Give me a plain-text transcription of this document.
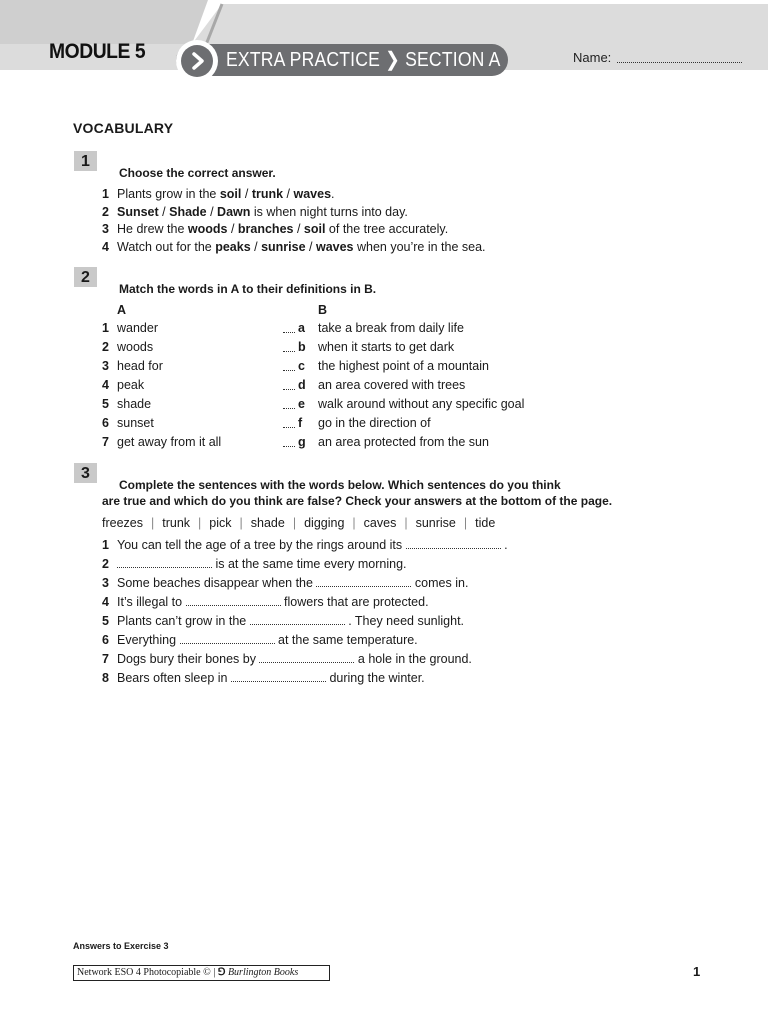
MODULE 5	EXTRA PRACTICE ❯ SECTION A	Name:
VOCABULARY
1
Choose the correct answer.
1 Plants grow in the soil / trunk / waves.
2 Sunset / Shade / Dawn is when night turns into day.
3 He drew the woods / branches / soil of the tree accurately.
4 Watch out for the peaks / sunrise / waves when you’re in the sea.
2
Match the words in A to their definitions in B.
A	B
1 wander	a take a break from daily life
2 woods	b when it starts to get dark
3 head for	c the highest point of a mountain
4 peak	d an area covered with trees
5 shade	e walk around without any specific goal
6 sunset	f go in the direction of
7 get away from it all	g an area protected from the sun
3
Complete the sentences with the words below. Which sentences do you think
are true and which do you think are false? Check your answers at the bottom of the page.
freezes | trunk | pick | shade | digging | caves | sunrise | tide
1 You can tell the age of a tree by the rings around its	.
2	is at the same time every morning.
3 Some beaches disappear when the	comes in.
4 It’s illegal to	flowers that are protected.
5 Plants can’t grow in the	. They need sunlight.
6 Everything	at the same temperature.
7 Dogs bury their bones by	a hole in the ground.
8 Bears often sleep in	during the winter.
Answers to Exercise 3
Network ESO 4 Photocopiable © | ⅁ Burlington Books	1
